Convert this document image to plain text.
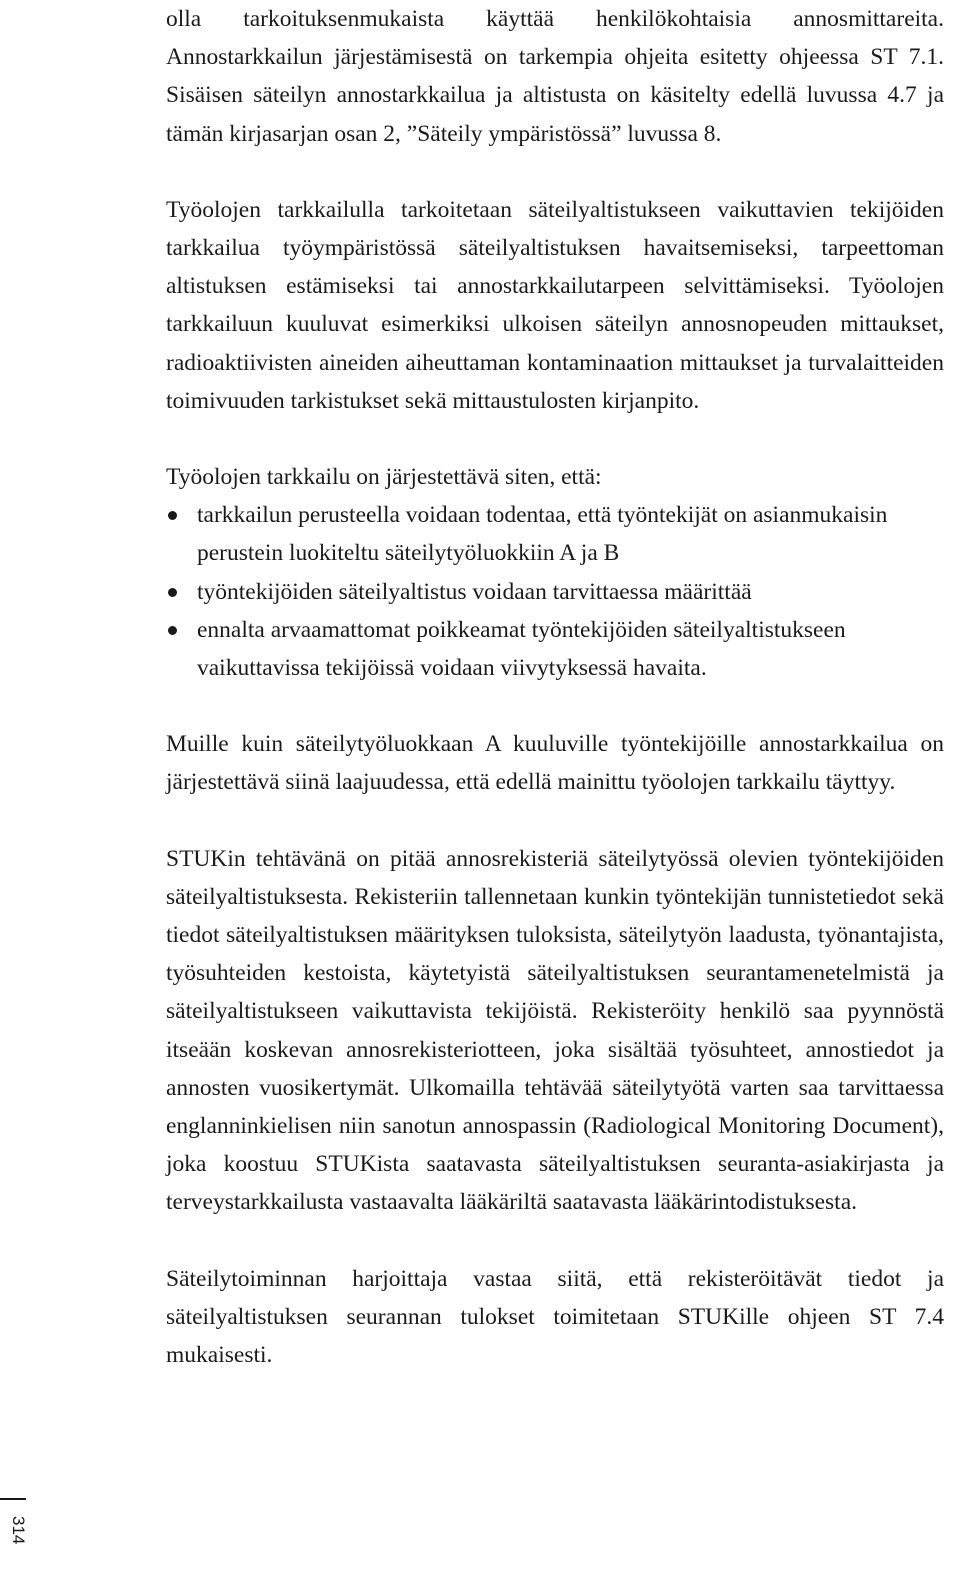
olla tarkoituksenmukaista käyttää henkilökohtaisia annosmittareita. Annostarkkailun järjestämisestä on tarkempia ohjeita esitetty ohjeessa ST 7.1. Sisäisen säteilyn annostarkkailua ja altistusta on käsitelty edellä luvussa 4.7 ja tämän kirjasarjan osan 2, ”Säteily ympäristössä” luvussa 8.

Työolojen tarkkailulla tarkoitetaan säteilyaltistukseen vaikuttavien tekijöiden tarkkailua työympäristössä säteilyaltistuksen havaitsemiseksi, tarpeettoman altistuksen estämiseksi tai annostarkkailutarpeen selvittämiseksi. Työolojen tarkkailuun kuuluvat esimerkiksi ulkoisen säteilyn annosnopeuden mittaukset, radioaktiivisten aineiden aiheuttaman kontaminaation mittaukset ja turvalaitteiden toimivuuden tarkistukset sekä mittaustulosten kirjanpito.

Työolojen tarkkailu on järjestettävä siten, että:

tarkkailun perusteella voidaan todentaa, että työntekijät on asianmukaisin perustein luokiteltu säteilytyöluokkiin A ja B
työntekijöiden säteilyaltistus voidaan tarvittaessa määrittää
ennalta arvaamattomat poikkeamat työntekijöiden säteilyaltistukseen vaikuttavissa tekijöissä voidaan viivytyksessä havaita.

Muille kuin säteilytyöluokkaan A kuuluville työntekijöille annostarkkailua on järjestettävä siinä laajuudessa, että edellä mainittu työolojen tarkkailu täyttyy.

STUKin tehtävänä on pitää annosrekisteriä säteilytyössä olevien työntekijöiden säteilyaltistuksesta. Rekisteriin tallennetaan kunkin työntekijän tunnistetiedot sekä tiedot säteilyaltistuksen määrityksen tuloksista, säteilytyön laadusta, työnantajista, työsuhteiden kestoista, käytetyistä säteilyaltistuksen seurantamenetelmistä ja säteilyaltistukseen vaikuttavista tekijöistä. Rekisteröity henkilö saa pyynnöstä itseään koskevan annosrekisteriotteen, joka sisältää työsuhteet, annostiedot ja annosten vuosikertymät. Ulkomailla tehtävää säteilytyötä varten saa tarvittaessa englanninkielisen niin sanotun annospassin (Radiological Monitoring Document), joka koostuu STUKista saatavasta säteilyaltistuksen seuranta-asiakirjasta ja terveystarkkailusta vastaavalta lääkäriltä saatavasta lääkärintodistuksesta.

Säteilytoiminnan harjoittaja vastaa siitä, että rekisteröitävät tiedot ja säteilyaltistuksen seurannan tulokset toimitetaan STUKille ohjeen ST 7.4 mukaisesti.

314
